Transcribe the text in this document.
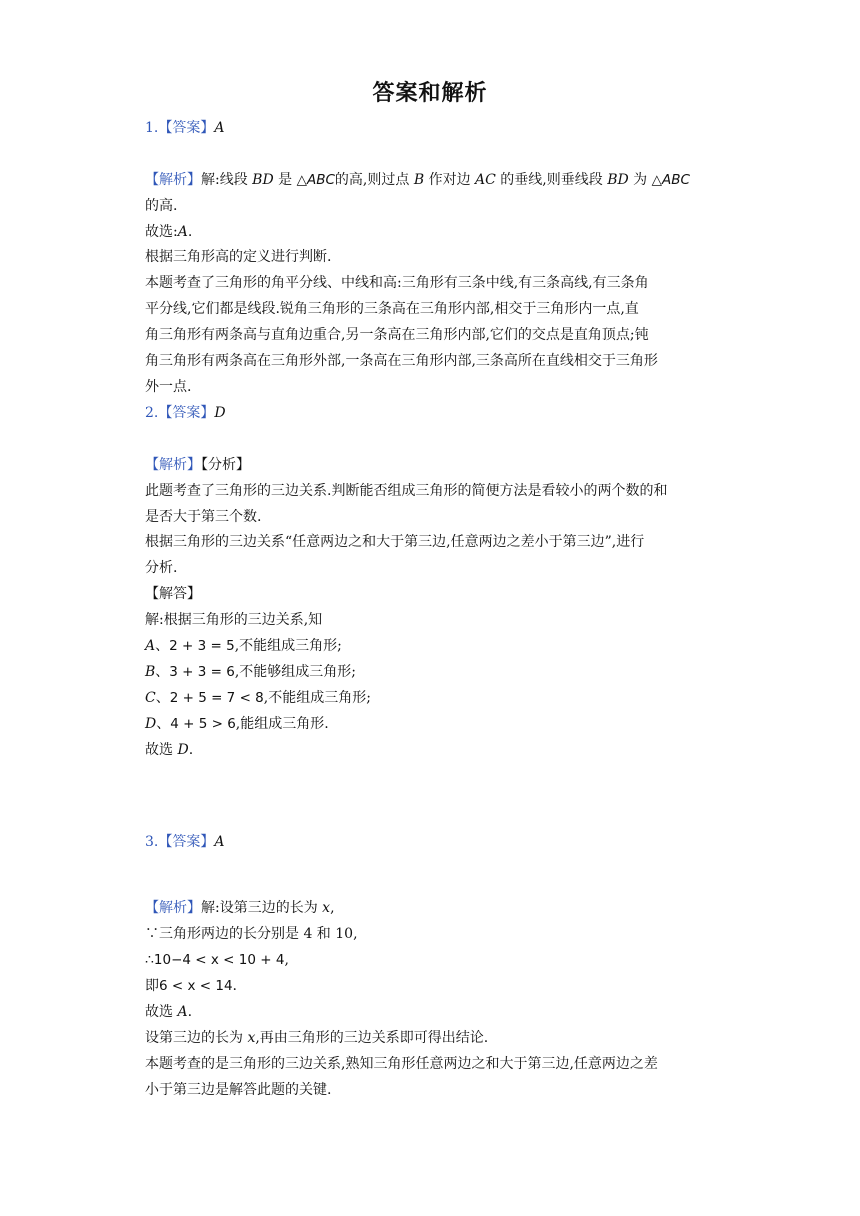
答案和解析
1.【答案】A
【解析】解:线段 BD 是 △ABC的高,则过点 B 作对边 AC 的垂线,则垂线段 BD 为 △ABC
的高.
故选:A.
根据三角形高的定义进行判断.
本题考查了三角形的角平分线、中线和高:三角形有三条中线,有三条高线,有三条角
平分线,它们都是线段.锐角三角形的三条高在三角形内部,相交于三角形内一点,直
角三角形有两条高与直角边重合,另一条高在三角形内部,它们的交点是直角顶点;钝
角三角形有两条高在三角形外部,一条高在三角形内部,三条高所在直线相交于三角形
外一点.
2.【答案】D
【解析】【分析】
此题考查了三角形的三边关系.判断能否组成三角形的简便方法是看较小的两个数的和
是否大于第三个数.
根据三角形的三边关系“任意两边之和大于第三边,任意两边之差小于第三边”,进行
分析.
【解答】
解:根据三角形的三边关系,知
A、2 + 3 = 5,不能组成三角形;
B、3 + 3 = 6,不能够组成三角形;
C、2 + 5 = 7 < 8,不能组成三角形;
D、4 + 5 > 6,能组成三角形.
故选 D.
3.【答案】A
【解析】解:设第三边的长为 x,
∵三角形两边的长分别是 4 和 10,
∴10−4 < x < 10 + 4,
即6 < x < 14.
故选 A.
设第三边的长为 x,再由三角形的三边关系即可得出结论.
本题考查的是三角形的三边关系,熟知三角形任意两边之和大于第三边,任意两边之差
小于第三边是解答此题的关键.
